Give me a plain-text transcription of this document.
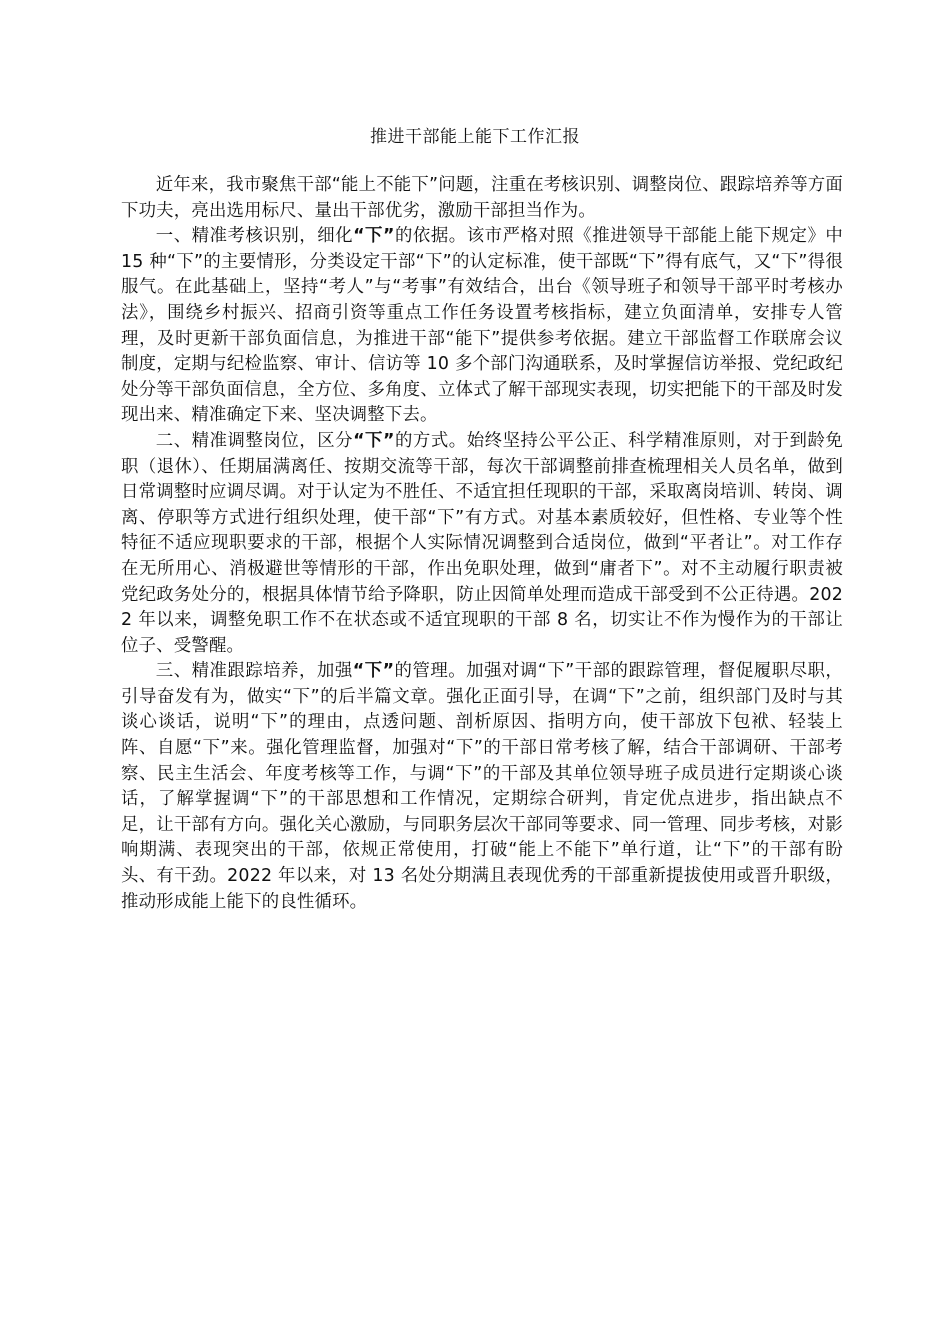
推进干部能上能下工作汇报

近年来，我市聚焦干部“能上不能下”问题，注重在考核识别、调整岗位、跟踪培养等方面下功夫，亮出选用标尺、量出干部优劣，激励干部担当作为。

一、精准考核识别，细化“下”的依据。该市严格对照《推进领导干部能上能下规定》中 15 种“下”的主要情形，分类设定干部“下”的认定标准，使干部既“下”得有底气，又“下”得很服气。在此基础上，坚持“考人”与“考事”有效结合，出台《领导班子和领导干部平时考核办法》，围绕乡村振兴、招商引资等重点工作任务设置考核指标，建立负面清单，安排专人管理，及时更新干部负面信息，为推进干部“能下”提供参考依据。建立干部监督工作联席会议制度，定期与纪检监察、审计、信访等 10 多个部门沟通联系，及时掌握信访举报、党纪政纪处分等干部负面信息，全方位、多角度、立体式了解干部现实表现，切实把能下的干部及时发现出来、精准确定下来、坚决调整下去。

二、精准调整岗位，区分“下”的方式。始终坚持公平公正、科学精准原则，对于到龄免职（退休）、任期届满离任、按期交流等干部，每次干部调整前排查梳理相关人员名单，做到日常调整时应调尽调。对于认定为不胜任、不适宜担任现职的干部，采取离岗培训、转岗、调离、停职等方式进行组织处理，使干部“下”有方式。对基本素质较好，但性格、专业等个性特征不适应现职要求的干部，根据个人实际情况调整到合适岗位，做到“平者让”。对工作存在无所用心、消极避世等情形的干部，作出免职处理，做到“庸者下”。对不主动履行职责被党纪政务处分的，根据具体情节给予降职，防止因简单处理而造成干部受到不公正待遇。2022 年以来，调整免职工作不在状态或不适宜现职的干部 8 名，切实让不作为慢作为的干部让位子、受警醒。

三、精准跟踪培养，加强“下”的管理。加强对调“下”干部的跟踪管理，督促履职尽职，引导奋发有为，做实“下”的后半篇文章。强化正面引导，在调“下”之前，组织部门及时与其谈心谈话，说明“下”的理由，点透问题、剖析原因、指明方向，使干部放下包袱、轻装上阵、自愿“下”来。强化管理监督，加强对“下”的干部日常考核了解，结合干部调研、干部考察、民主生活会、年度考核等工作，与调“下”的干部及其单位领导班子成员进行定期谈心谈话，了解掌握调“下”的干部思想和工作情况，定期综合研判，肯定优点进步，指出缺点不足，让干部有方向。强化关心激励，与同职务层次干部同等要求、同一管理、同步考核，对影响期满、表现突出的干部，依规正常使用，打破“能上不能下”单行道，让“下”的干部有盼头、有干劲。2022 年以来，对 13 名处分期满且表现优秀的干部重新提拔使用或晋升职级，推动形成能上能下的良性循环。
